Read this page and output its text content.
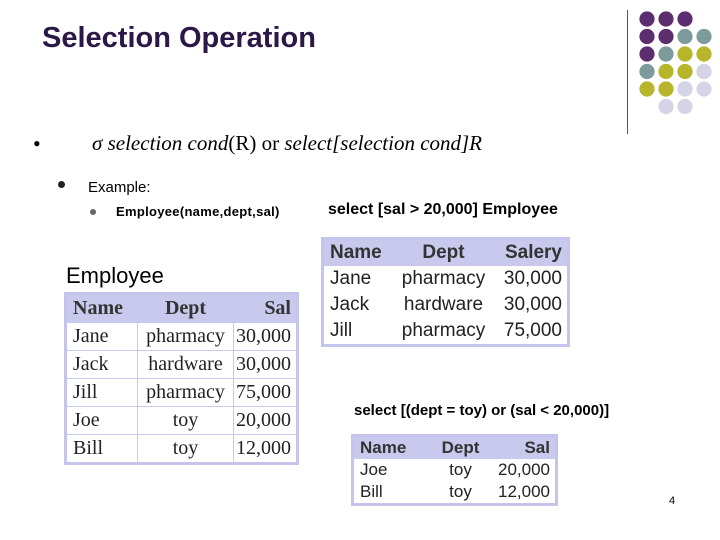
Selection Operation
• σ selection cond(R) or select[selection cond]R
Example:
Employee(name,dept,sal)	select [sal > 20,000] Employee
Employee
Name	Dept	Sal
Jane	pharmacy	30,000
Jack	hardware	30,000
Jill	pharmacy	75,000
Joe	toy	20,000
Bill	toy	12,000
Name	Dept	Salery
Jane	pharmacy	30,000
Jack	hardware	30,000
Jill	pharmacy	75,000
select [(dept = toy) or (sal < 20,000)]
Name	Dept	Sal
Joe	toy	20,000
Bill	toy	12,000	4
